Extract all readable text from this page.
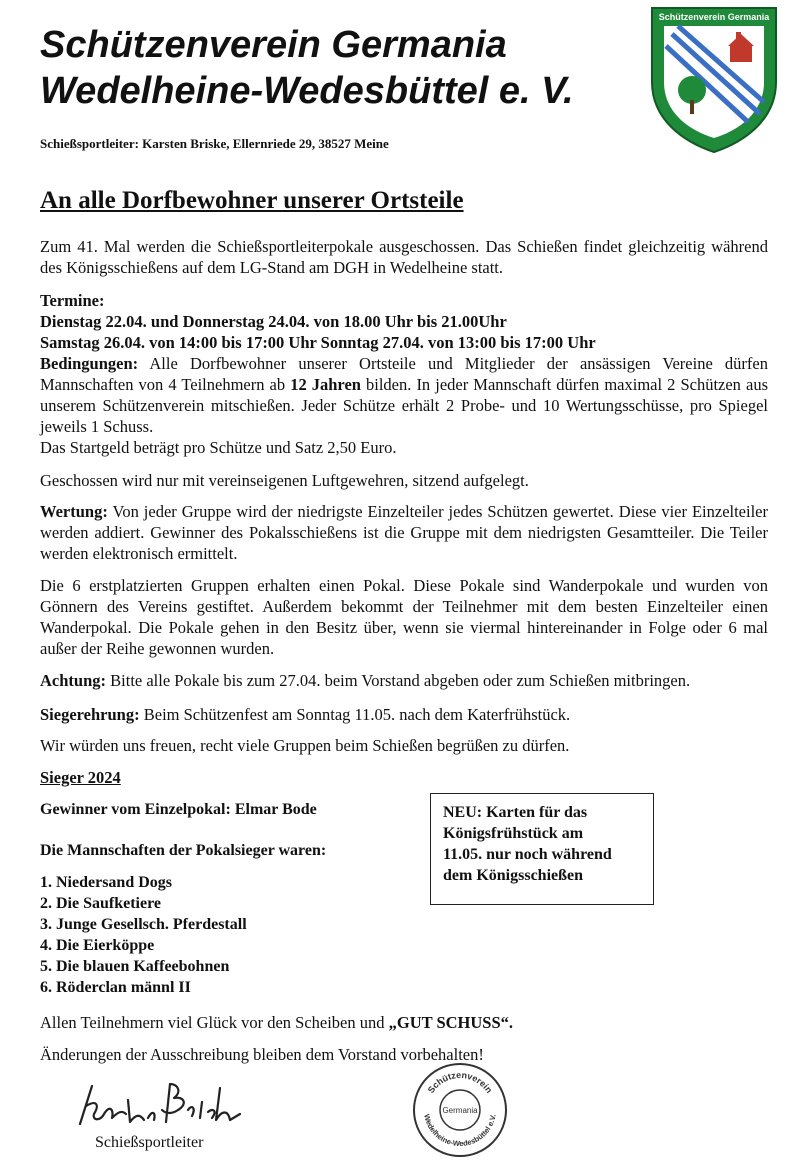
Schützenverein Germania
Wedelheine-Wedesbüttel e. V.
Schießsportleiter: Karsten Briske, Ellernriede 29, 38527 Meine
Schützenverein Germania
An alle Dorfbewohner unserer Ortsteile
Zum 41. Mal werden die Schießsportleiterpokale ausgeschossen. Das Schießen findet gleichzeitig während des Königsschießens auf dem LG-Stand am DGH in Wedelheine statt.
Termine:
Dienstag 22.04. und Donnerstag 24.04. von 18.00 Uhr bis 21.00Uhr
Samstag 26.04. von 14:00 bis 17:00 Uhr Sonntag 27.04. von 13:00 bis 17:00 Uhr
Bedingungen: Alle Dorfbewohner unserer Ortsteile und Mitglieder der ansässigen Vereine dürfen Mannschaften von 4 Teilnehmern ab 12 Jahren bilden. In jeder Mannschaft dürfen maximal 2 Schützen aus unserem Schützenverein mitschießen. Jeder Schütze erhält 2 Probe- und 10 Wertungsschüsse, pro Spiegel jeweils 1 Schuss.
Das Startgeld beträgt pro Schütze und Satz 2,50 Euro.
Geschossen wird nur mit vereinseigenen Luftgewehren, sitzend aufgelegt.
Wertung: Von jeder Gruppe wird der niedrigste Einzelteiler jedes Schützen gewertet. Diese vier Einzelteiler werden addiert. Gewinner des Pokalsschießens ist die Gruppe mit dem niedrigsten Gesamtteiler. Die Teiler werden elektronisch ermittelt.
Die 6 erstplatzierten Gruppen erhalten einen Pokal. Diese Pokale sind Wanderpokale und wurden von Gönnern des Vereins gestiftet. Außerdem bekommt der Teilnehmer mit dem besten Einzelteiler einen Wanderpokal. Die Pokale gehen in den Besitz über, wenn sie viermal hintereinander in Folge oder 6 mal außer der Reihe gewonnen wurden.
Achtung: Bitte alle Pokale bis zum 27.04. beim Vorstand abgeben oder zum Schießen mitbringen.
Siegerehrung: Beim Schützenfest am Sonntag 11.05. nach dem Katerfrühstück.
Wir würden uns freuen, recht viele Gruppen beim Schießen begrüßen zu dürfen.
Sieger 2024
Gewinner vom Einzelpokal: Elmar Bode
Die Mannschaften der Pokalsieger waren:
1. Niedersand Dogs
2. Die Saufketiere
3. Junge Gesellsch. Pferdestall
4. Die Eierköppe
5. Die blauen Kaffeebohnen
6. Röderclan männl II
NEU: Karten für das
Königsfrühstück am
11.05. nur noch während
dem Königsschießen
Allen Teilnehmern viel Glück vor den Scheiben und „GUT SCHUSS“.
Änderungen der Ausschreibung bleiben dem Vorstand vorbehalten!
Schießsportleiter
Schützenverein
Germania
Wedelheine-Wedesbüttel e.V.
